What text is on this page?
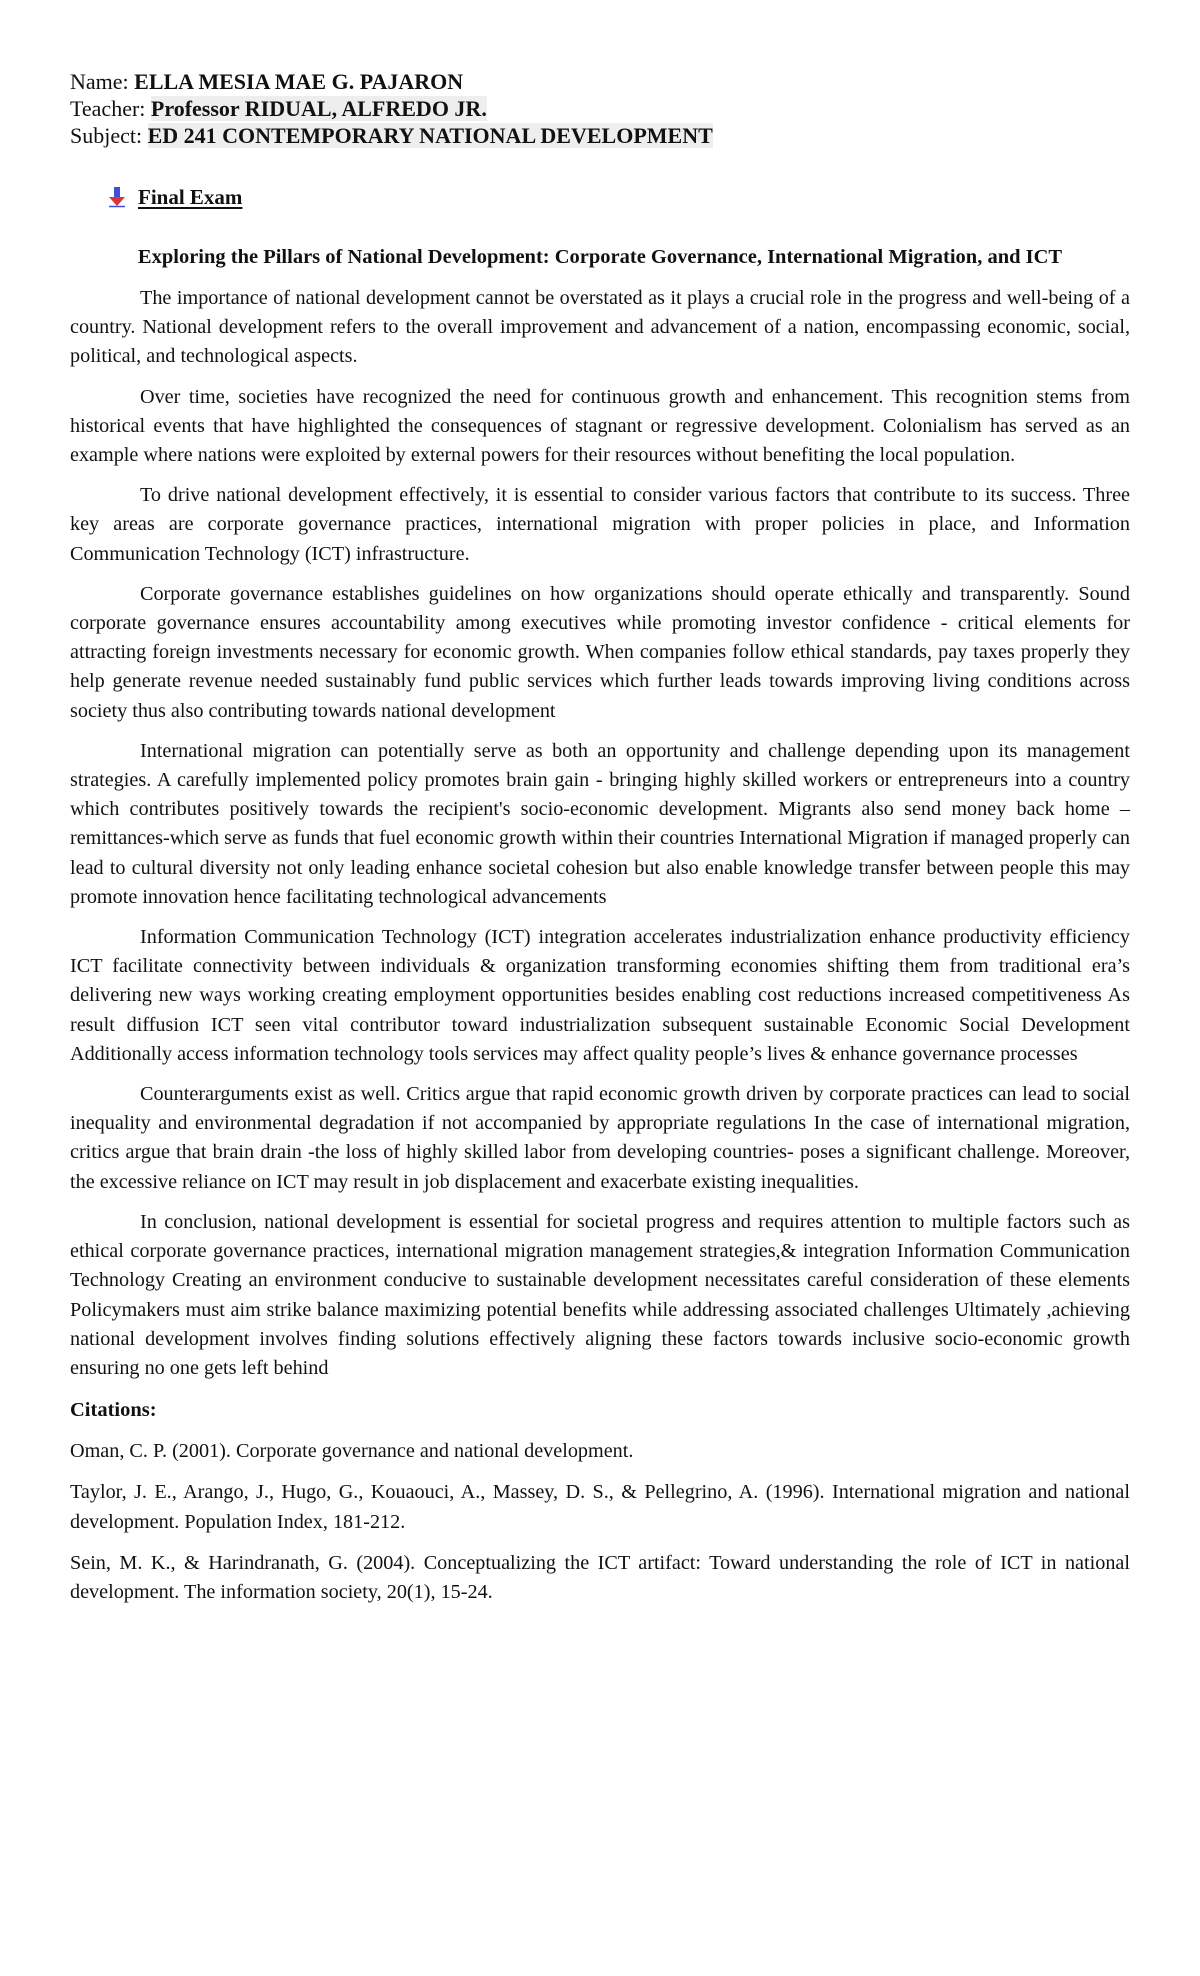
Name: ELLA MESIA MAE G. PAJARON
Teacher: Professor RIDUAL, ALFREDO JR.
Subject: ED 241 CONTEMPORARY NATIONAL DEVELOPMENT
Final Exam
Exploring the Pillars of National Development: Corporate Governance, International Migration, and ICT

The importance of national development cannot be overstated as it plays a crucial role in the progress and well-being of a country. National development refers to the overall improvement and advancement of a nation, encompassing economic, social, political, and technological aspects.

Over time, societies have recognized the need for continuous growth and enhancement. This recognition stems from historical events that have highlighted the consequences of stagnant or regressive development. Colonialism has served as an example where nations were exploited by external powers for their resources without benefiting the local population.

To drive national development effectively, it is essential to consider various factors that contribute to its success. Three key areas are corporate governance practices, international migration with proper policies in place, and Information Communication Technology (ICT) infrastructure.

Corporate governance establishes guidelines on how organizations should operate ethically and transparently. Sound corporate governance ensures accountability among executives while promoting investor confidence - critical elements for attracting foreign investments necessary for economic growth. When companies follow ethical standards, pay taxes properly they help generate revenue needed sustainably fund public services which further leads towards improving living conditions across society thus also contributing towards national development

International migration can potentially serve as both an opportunity and challenge depending upon its management strategies. A carefully implemented policy promotes brain gain - bringing highly skilled workers or entrepreneurs into a country which contributes positively towards the recipient's socio-economic development. Migrants also send money back home –remittances-which serve as funds that fuel economic growth within their countries International Migration if managed properly can lead to cultural diversity not only leading enhance societal cohesion but also enable knowledge transfer between people this may promote innovation hence facilitating technological advancements

Information Communication Technology (ICT) integration accelerates industrialization enhance productivity efficiency ICT facilitate connectivity between individuals & organization transforming economies shifting them from traditional era’s delivering new ways working creating employment opportunities besides enabling cost reductions increased competitiveness As result diffusion ICT seen vital contributor toward industrialization subsequent sustainable Economic Social Development Additionally access information technology tools services may affect quality people’s lives & enhance governance processes

Counterarguments exist as well. Critics argue that rapid economic growth driven by corporate practices can lead to social inequality and environmental degradation if not accompanied by appropriate regulations In the case of international migration, critics argue that brain drain -the loss of highly skilled labor from developing countries- poses a significant challenge. Moreover, the excessive reliance on ICT may result in job displacement and exacerbate existing inequalities.

In conclusion, national development is essential for societal progress and requires attention to multiple factors such as ethical corporate governance practices, international migration management strategies,& integration Information Communication Technology Creating an environment conducive to sustainable development necessitates careful consideration of these elements Policymakers must aim strike balance maximizing potential benefits while addressing associated challenges Ultimately ,achieving national development involves finding solutions effectively aligning these factors towards inclusive socio-economic growth ensuring no one gets left behind

Citations:

Oman, C. P. (2001). Corporate governance and national development.

Taylor, J. E., Arango, J., Hugo, G., Kouaouci, A., Massey, D. S., & Pellegrino, A. (1996). International migration and national development. Population Index, 181-212.

Sein, M. K., & Harindranath, G. (2004). Conceptualizing the ICT artifact: Toward understanding the role of ICT in national development. The information society, 20(1), 15-24.
